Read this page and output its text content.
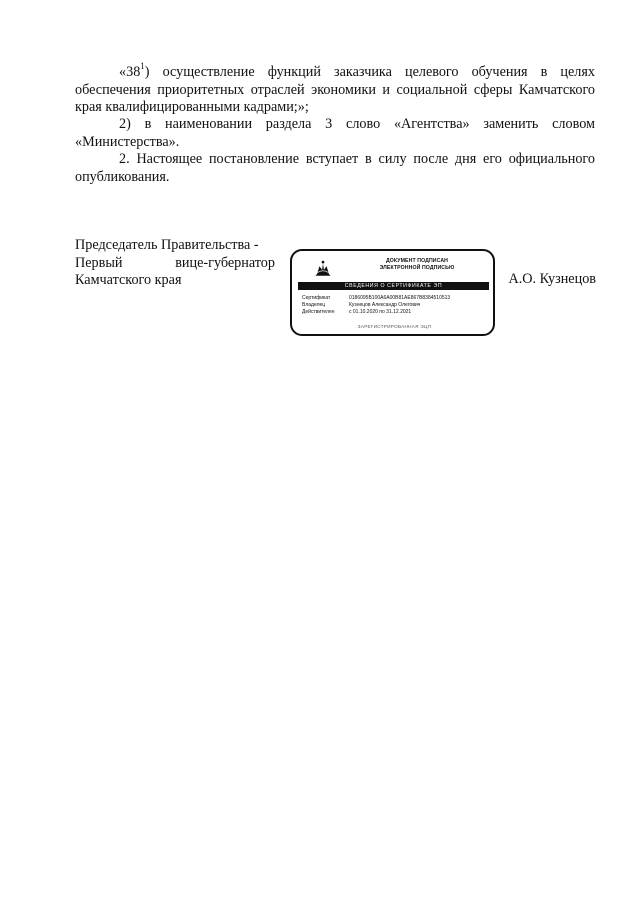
«$38^1$) осуществление функций заказчика целевого обучения в целях обеспечения приоритетных отраслей экономики и социальной сферы Камчатского края квалифицированными кадрами;»;

2) в наименовании раздела 3 слово «Агентства» заменить словом «Министерства».

2. Настоящее постановление вступает в силу после дня его официального опубликования.

Председатель Правительства -
Первый	вице-губернатор
Камчатского края
ДОКУМЕНТ ПОДПИСАН
ЭЛЕКТРОННОЙ ПОДПИСЬЮ
СВЕДЕНИЯ О СЕРТИФИКАТЕ ЭП
Сертификат	0186095B100A6A00B81AE867B8384510513
Владелец	Кузнецов Александр Олегович
Действителен	с 01.10.2020 по 31.12.2021
ЗАРЕГИСТРИРОВАННАЯ ЭЦП
А.О. Кузнецов
